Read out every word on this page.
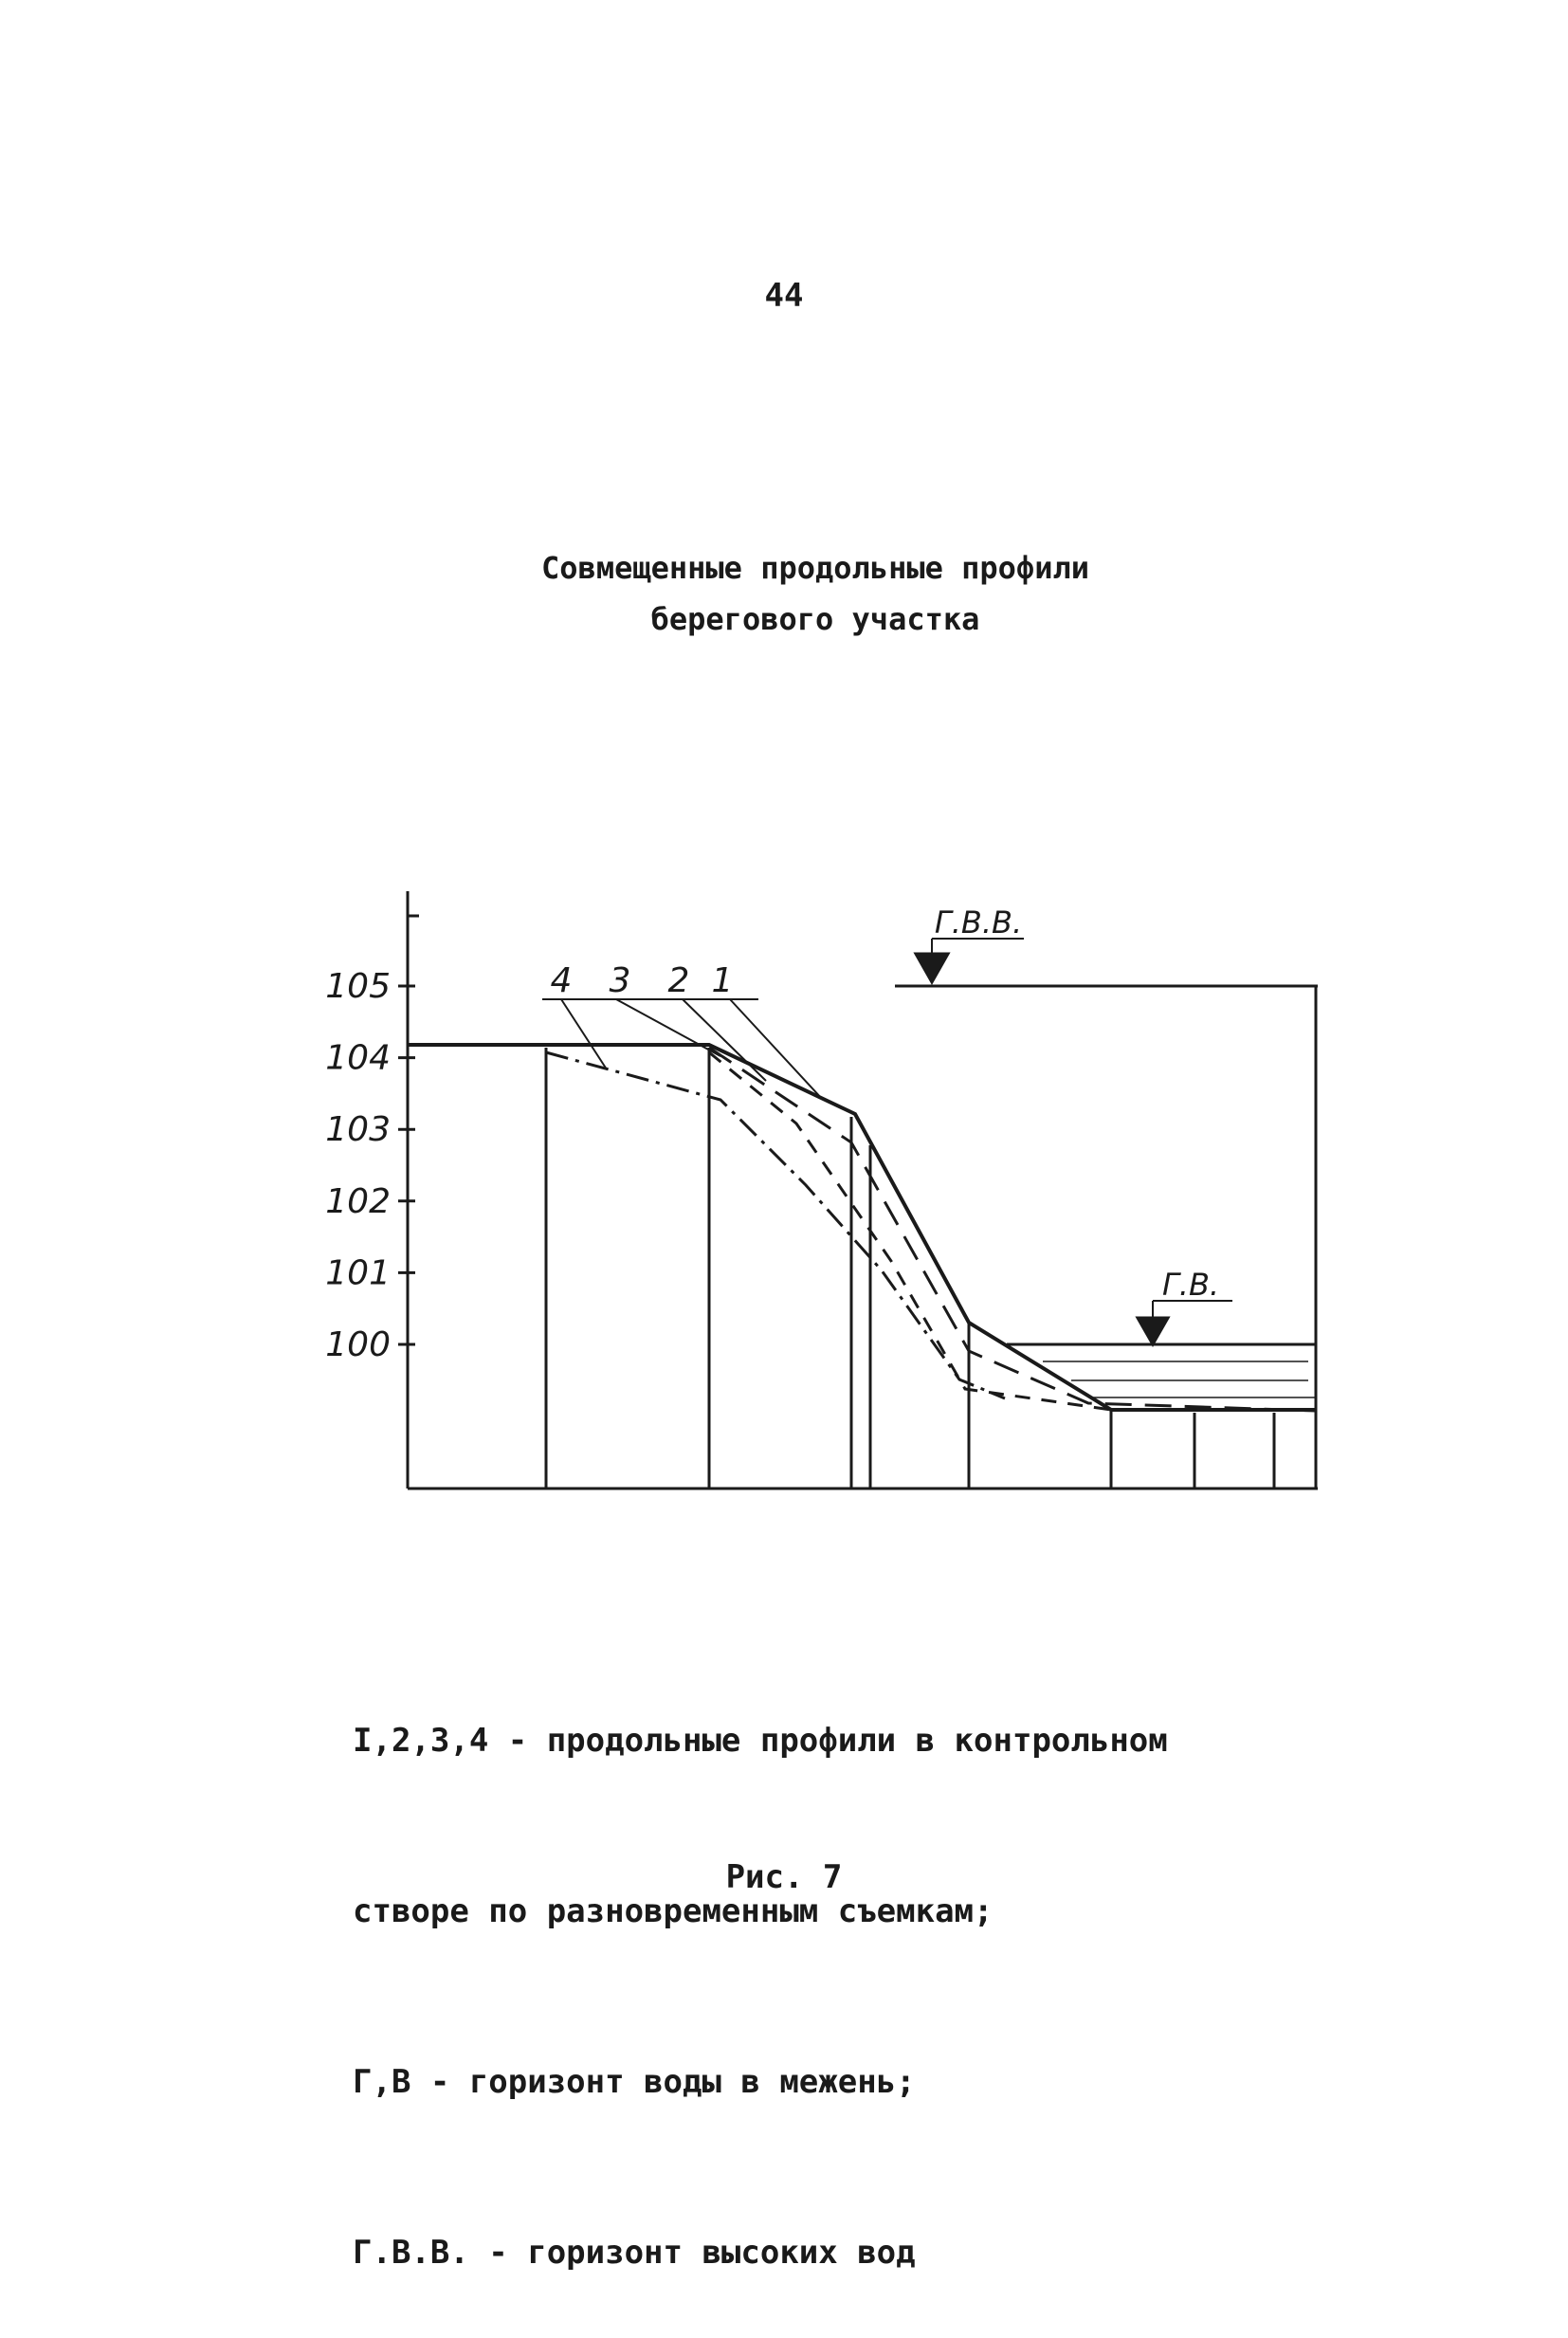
44
Совмещенные продольные профили
берегового участка
105
104
103
102
101
100
4 3 2 1
Г.В.В.
Г.В.

I,2,3,4 - продольные профили в контрольном

створе по разновременным съемкам;

Г,В - горизонт воды в межень;

Г.В.В. - горизонт высоких вод

Рис. 7
